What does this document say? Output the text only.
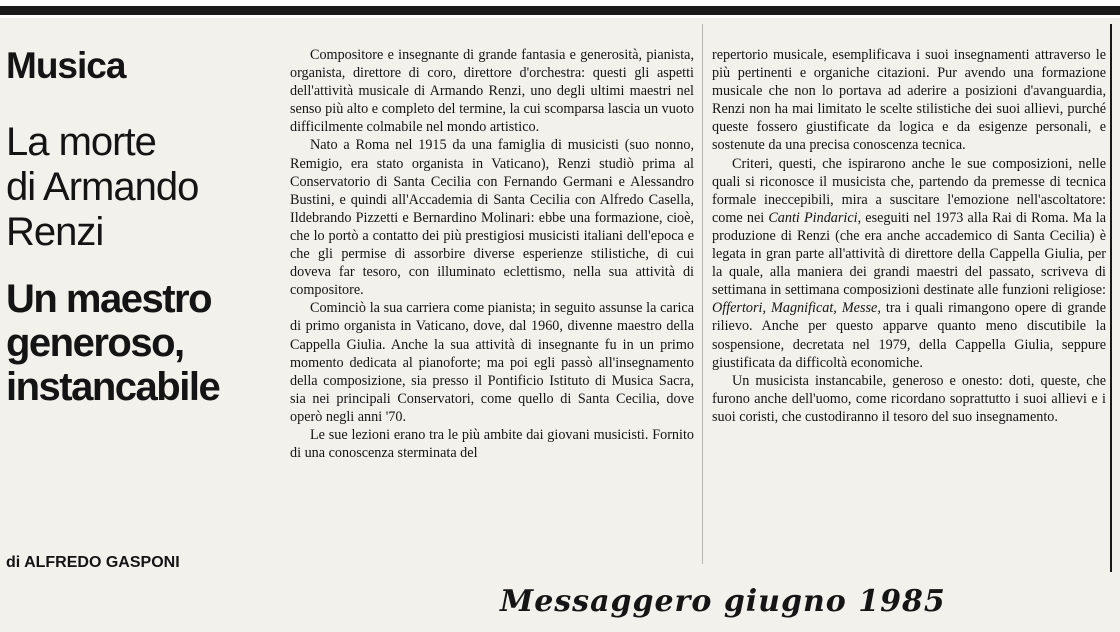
Musica
La morte
di Armando
Renzi
Un maestro
generoso,
instancabile
di ALFREDO GASPONI

Compositore e insegnante di grande fantasia e generosità, pianista, organista, direttore di coro, direttore d'orchestra: questi gli aspetti dell'attività musicale di Armando Renzi, uno degli ultimi maestri nel senso più alto e completo del termine, la cui scomparsa lascia un vuoto difficilmente colmabile nel mondo artistico.

Nato a Roma nel 1915 da una famiglia di musicisti (suo nonno, Remigio, era stato organista in Vaticano), Renzi studiò prima al Conservatorio di Santa Cecilia con Fernando Germani e Alessandro Bustini, e quindi all'Accademia di Santa Cecilia con Alfredo Casella, Ildebrando Pizzetti e Bernardino Molinari: ebbe una formazione, cioè, che lo portò a contatto dei più prestigiosi musicisti italiani dell'epoca e che gli permise di assorbire diverse esperienze stilistiche, di cui doveva far tesoro, con illuminato eclettismo, nella sua attività di compositore.

Cominciò la sua carriera come pianista; in seguito assunse la carica di primo organista in Vaticano, dove, dal 1960, divenne maestro della Cappella Giulia. Anche la sua attività di insegnante fu in un primo momento dedicata al pianoforte; ma poi egli passò all'insegnamento della composizione, sia presso il Pontificio Istituto di Musica Sacra, sia nei principali Conservatori, come quello di Santa Cecilia, dove operò negli anni '70.

Le sue lezioni erano tra le più ambite dai giovani musicisti. Fornito di una conoscenza sterminata del

repertorio musicale, esemplificava i suoi insegnamenti attraverso le più pertinenti e organiche citazioni. Pur avendo una formazione musicale che non lo portava ad aderire a posizioni d'avanguardia, Renzi non ha mai limitato le scelte stilistiche dei suoi allievi, purché queste fossero giustificate da logica e da esigenze personali, e sostenute da una precisa conoscenza tecnica.

Criteri, questi, che ispirarono anche le sue composizioni, nelle quali si riconosce il musicista che, partendo da premesse di tecnica formale ineccepibili, mira a suscitare l'emozione nell'ascoltatore: come nei Canti Pindarici, eseguiti nel 1973 alla Rai di Roma. Ma la produzione di Renzi (che era anche accademico di Santa Cecilia) è legata in gran parte all'attività di direttore della Cappella Giulia, per la quale, alla maniera dei grandi maestri del passato, scriveva di settimana in settimana composizioni destinate alle funzioni religiose: Offertori, Magnificat, Messe, tra i quali rimangono opere di grande rilievo. Anche per questo apparve quanto meno discutibile la sospensione, decretata nel 1979, della Cappella Giulia, seppure giustificata da difficoltà economiche.

Un musicista instancabile, generoso e onesto: doti, queste, che furono anche dell'uomo, come ricordano soprattutto i suoi allievi e i suoi coristi, che custodiranno il tesoro del suo insegnamento.

Messaggero giugno 1985
